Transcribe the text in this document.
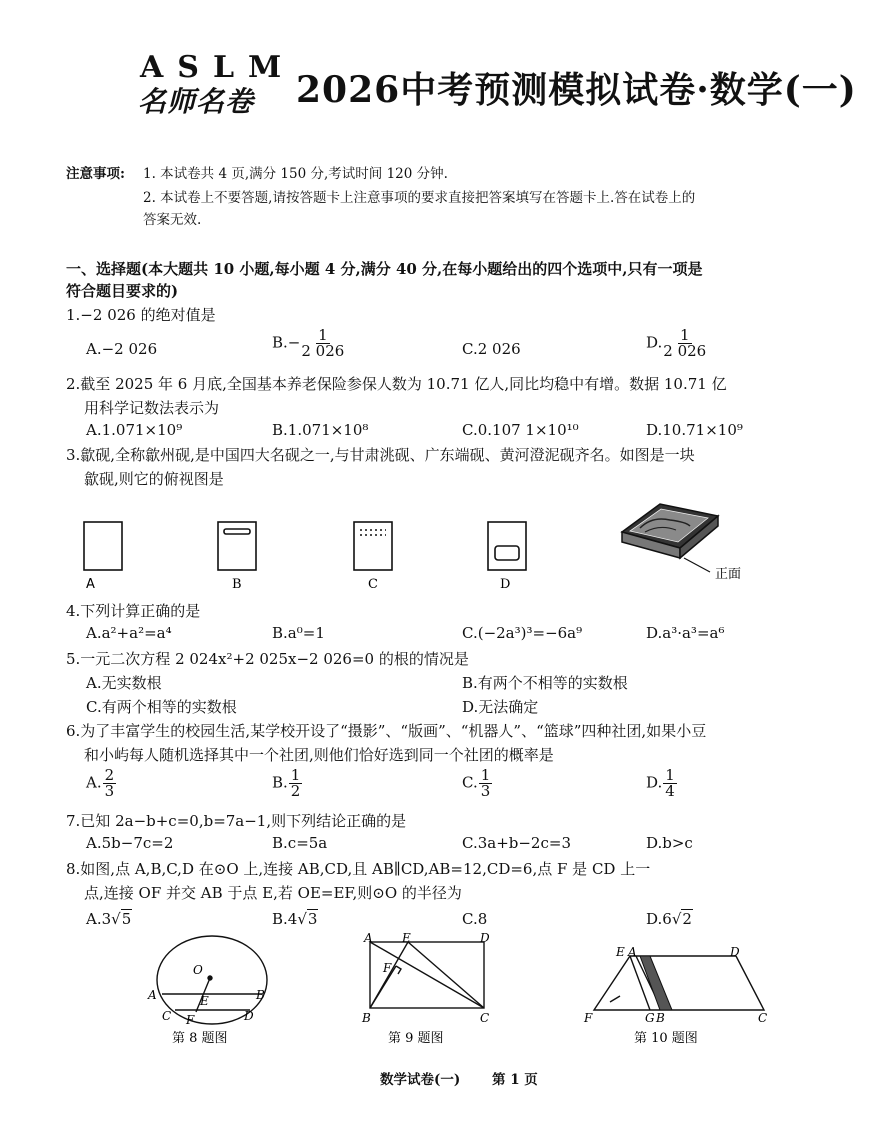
ASLM
名师名卷 2026中考预测模拟试卷·数学(一)
注意事项: 1. 本试卷共 4 页,满分 150 分,考试时间 120 分钟.
2. 本试卷上不要答题,请按答题卡上注意事项的要求直接把答案填写在答题卡上.答在试卷上的
答案无效.
一、选择题(本大题共 10 小题,每小题 4 分,满分 40 分,在每小题给出的四个选项中,只有一项是
符合题目要求的)
1.−2 026 的绝对值是
A.−2 026	$B.- \frac{1}{2 026}$	C.2 026	D. $\frac{1}{2 026}$
2.截至 2025 年 6 月底,全国基本养老保险参保人数为 10.71 亿人,同比均稳中有增。数据 10.71 亿
用科学记数法表示为
A.1.071×10⁹	B.1.071×10⁸	C.0.107 1×10¹⁰	D.10.71×10⁹
3.歙砚,全称歙州砚,是中国四大名砚之一,与甘肃洮砚、广东端砚、黄河澄泥砚齐名。如图是一块
歙砚,则它的俯视图是
A	B	C	D
正面
4.下列计算正确的是
A.a²+a²=a⁴	B.a⁰=1	C.(−2a³)³=−6a⁹	D.a³·a³=a⁶
5.一元二次方程 2 024x²+2 025x−2 026=0 的根的情况是
A.无实数根	B.有两个不相等的实数根
C.有两个相等的实数根	D.无法确定
6.为了丰富学生的校园生活,某学校开设了“摄影”、“版画”、“机器人”、“篮球”四种社团,如果小豆
和小屿每人随机选择其中一个社团,则他们恰好选到同一个社团的概率是
A. $\frac{2}{3}$	B. $\frac{1}{2}$	C. $\frac{1}{3}$	D. $\frac{1}{4}$
7.已知 2a−b+c=0,b=7a−1,则下列结论正确的是
A.5b−7c=2	B.c=5a	C.3a+b−2c=3	D.b>c
8.如图,点 A,B,C,D 在⊙O 上,连接 AB,CD,且 AB∥CD,AB=12,CD=6,点 F 是 CD 上一
点,连接 OF 并交 AB 于点 E,若 OE=EF,则⊙O 的半径为
A.3√5	B.4√3	C.8	D.6√2
O
A	B
E
C F	D
第 8 题图
A E	D
F
B	C
第 9 题图
E A	D
F	G B	C
第 10 题图
数学试卷(一) 第 1 页
